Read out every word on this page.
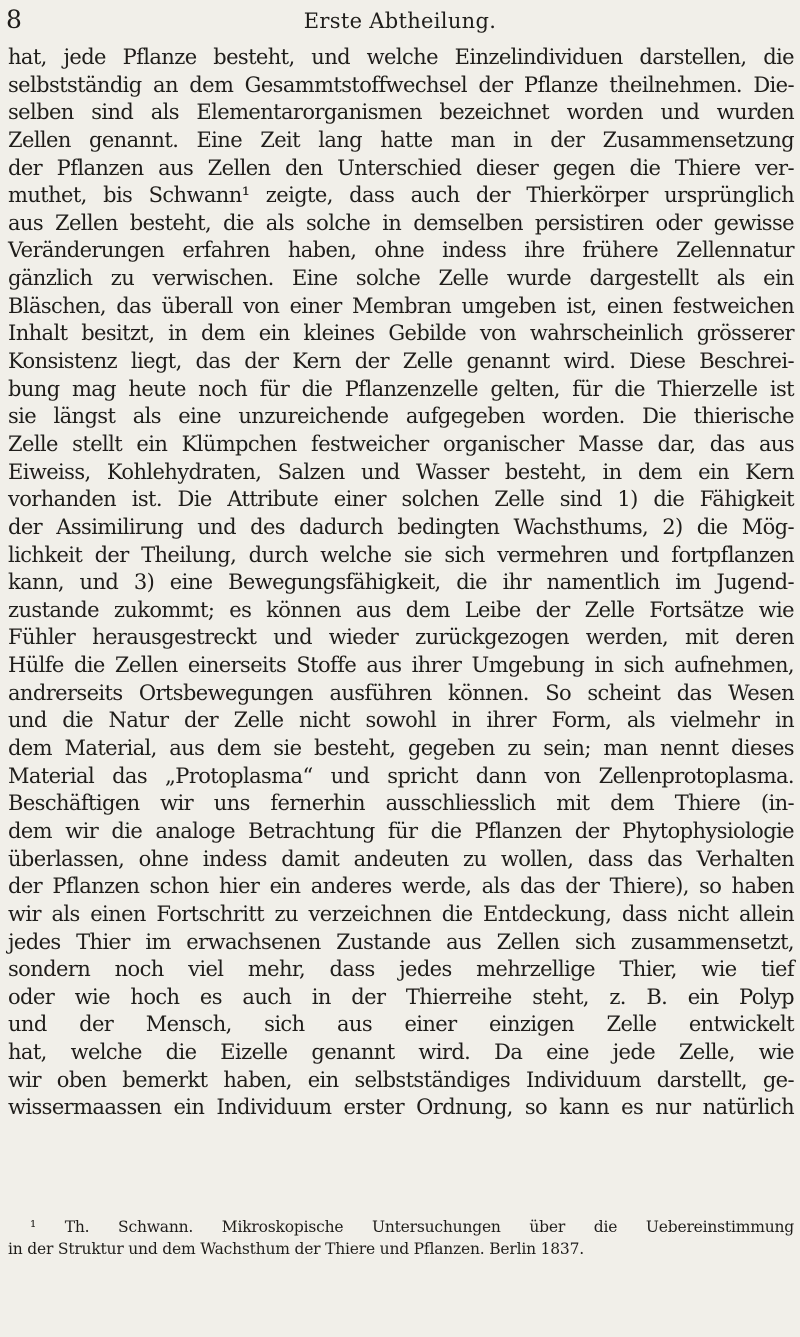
8	Erste Abtheilung.
hat, jede Pflanze besteht, und welche Einzelindividuen darstellen, die
selbstständig an dem Gesammtstoffwechsel der Pflanze theilnehmen. Die-
selben sind als Elementarorganismen bezeichnet worden und wurden
Zellen genannt. Eine Zeit lang hatte man in der Zusammensetzung
der Pflanzen aus Zellen den Unterschied dieser gegen die Thiere ver-
muthet, bis Schwann¹ zeigte, dass auch der Thierkörper ursprünglich
aus Zellen besteht, die als solche in demselben persistiren oder gewisse
Veränderungen erfahren haben, ohne indess ihre frühere Zellennatur
gänzlich zu verwischen. Eine solche Zelle wurde dargestellt als ein
Bläschen, das überall von einer Membran umgeben ist, einen festweichen
Inhalt besitzt, in dem ein kleines Gebilde von wahrscheinlich grösserer
Konsistenz liegt, das der Kern der Zelle genannt wird. Diese Beschrei-
bung mag heute noch für die Pflanzenzelle gelten, für die Thierzelle ist
sie längst als eine unzureichende aufgegeben worden. Die thierische
Zelle stellt ein Klümpchen festweicher organischer Masse dar, das aus
Eiweiss, Kohlehydraten, Salzen und Wasser besteht, in dem ein Kern
vorhanden ist. Die Attribute einer solchen Zelle sind 1) die Fähigkeit
der Assimilirung und des dadurch bedingten Wachsthums, 2) die Mög-
lichkeit der Theilung, durch welche sie sich vermehren und fortpflanzen
kann, und 3) eine Bewegungsfähigkeit, die ihr namentlich im Jugend-
zustande zukommt; es können aus dem Leibe der Zelle Fortsätze wie
Fühler herausgestreckt und wieder zurückgezogen werden, mit deren
Hülfe die Zellen einerseits Stoffe aus ihrer Umgebung in sich aufnehmen,
andrerseits Ortsbewegungen ausführen können. So scheint das Wesen
und die Natur der Zelle nicht sowohl in ihrer Form, als vielmehr in
dem Material, aus dem sie besteht, gegeben zu sein; man nennt dieses
Material das „Protoplasma“ und spricht dann von Zellenprotoplasma.
Beschäftigen wir uns fernerhin ausschliesslich mit dem Thiere (in-
dem wir die analoge Betrachtung für die Pflanzen der Phytophysiologie
überlassen, ohne indess damit andeuten zu wollen, dass das Verhalten
der Pflanzen schon hier ein anderes werde, als das der Thiere), so haben
wir als einen Fortschritt zu verzeichnen die Entdeckung, dass nicht allein
jedes Thier im erwachsenen Zustande aus Zellen sich zusammensetzt,
sondern noch viel mehr, dass jedes mehrzellige Thier, wie tief
oder wie hoch es auch in der Thierreihe steht, z. B. ein Polyp
und der Mensch, sich aus einer einzigen Zelle entwickelt
hat, welche die Eizelle genannt wird. Da eine jede Zelle, wie
wir oben bemerkt haben, ein selbstständiges Individuum darstellt, ge-
wissermaassen ein Individuum erster Ordnung, so kann es nur natürlich
¹ Th. Schwann. Mikroskopische Untersuchungen über die Uebereinstimmung
in der Struktur und dem Wachsthum der Thiere und Pflanzen. Berlin 1837.
